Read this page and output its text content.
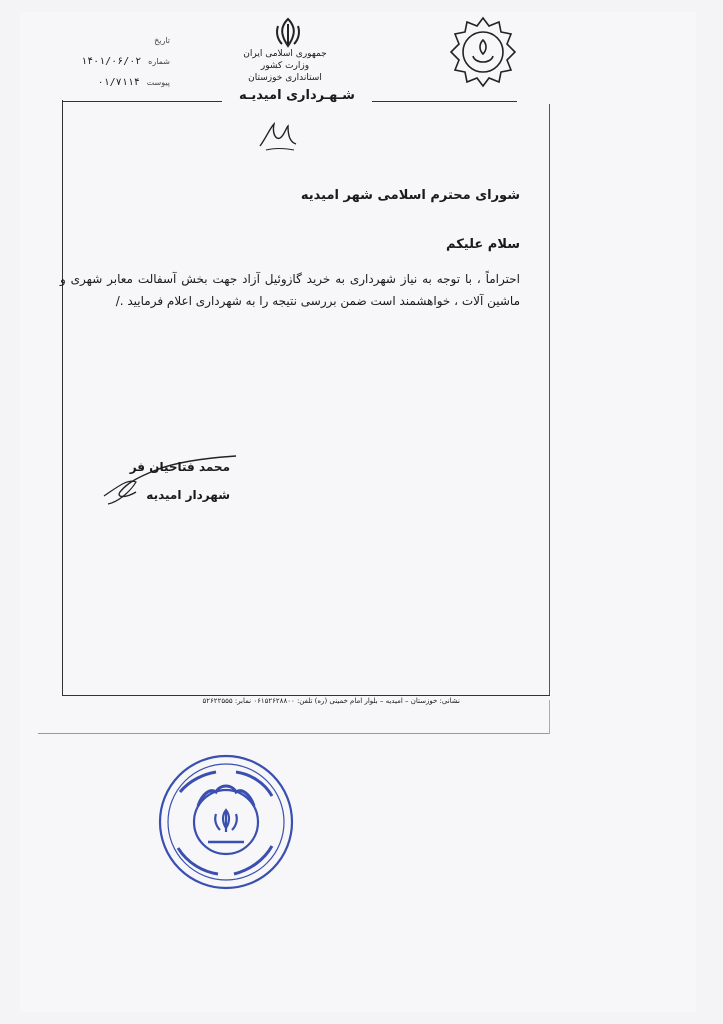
تاریخ
شماره ۱۴۰۱/۰۶/۰۲
پیوست ۰۱/۷۱۱۴
جمهوری اسلامی ایران
وزارت کشور
استانداری خوزستان
شـهـرداری امیدیـه
شورای محترم اسلامی شهر امیدیه
سلام علیکم
احتراماً ، با توجه به نیاز شهرداری به خرید گازوئیل آزاد جهت بخش آسفالت معابر شهری و ماشین آلات ، خواهشمند است ضمن بررسی نتیجه را به شهرداری اعلام فرمایید ./
محمد فتاحیان فر
شهردار امیدیه
نشانی: خوزستان – امیدیه – بلوار امام خمینی (ره) تلفن: ۰۶۱۵۲۶۲۸۸۰۰ نمابر: ۵۲۶۲۲۵۵۵
